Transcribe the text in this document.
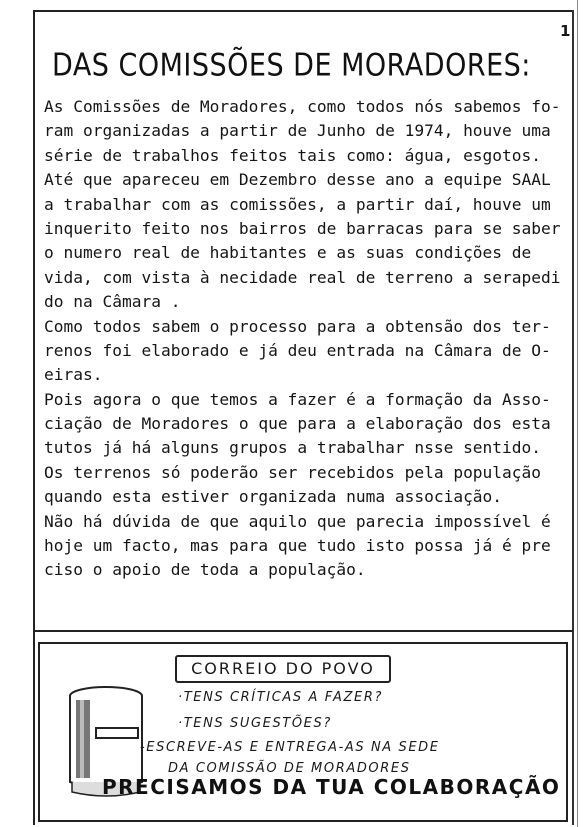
1
DAS COMISSÕES DE MORADORES:
As Comissões de Moradores, como todos nós sabemos fo-
ram organizadas a partir de Junho de 1974, houve uma
série de trabalhos feitos tais como: água, esgotos.
Até que apareceu em Dezembro desse ano a equipe SAAL
a trabalhar com as comissões, a partir daí, houve um
inquerito feito nos bairros de barracas para se saber
o numero real de habitantes e as suas condições de
vida, com vista à necidade real de terreno a serapedi
do na Câmara .
Como todos sabem o processo para a obtensão dos ter-
renos foi elaborado e já deu entrada na Câmara de O-
eiras.
Pois agora o que temos a fazer é a formação da Asso-
ciação de Moradores o que para a elaboração dos esta
tutos já há alguns grupos a trabalhar nsse sentido.
Os terrenos só poderão ser recebidos pela população
quando esta estiver organizada numa associação.
Não há dúvida de que aquilo que parecia impossível é
hoje um facto, mas para que tudo isto possa já é pre
ciso o apoio de toda a população.
CORREIO DO POVO
·TENS CRÍTICAS A FAZER?
·TENS SUGESTÕES?
-ESCREVE-AS E ENTREGA-AS NA SEDE
DA COMISSÃO DE MORADORES
PRECISAMOS DA TUA COLABORAÇÃO
